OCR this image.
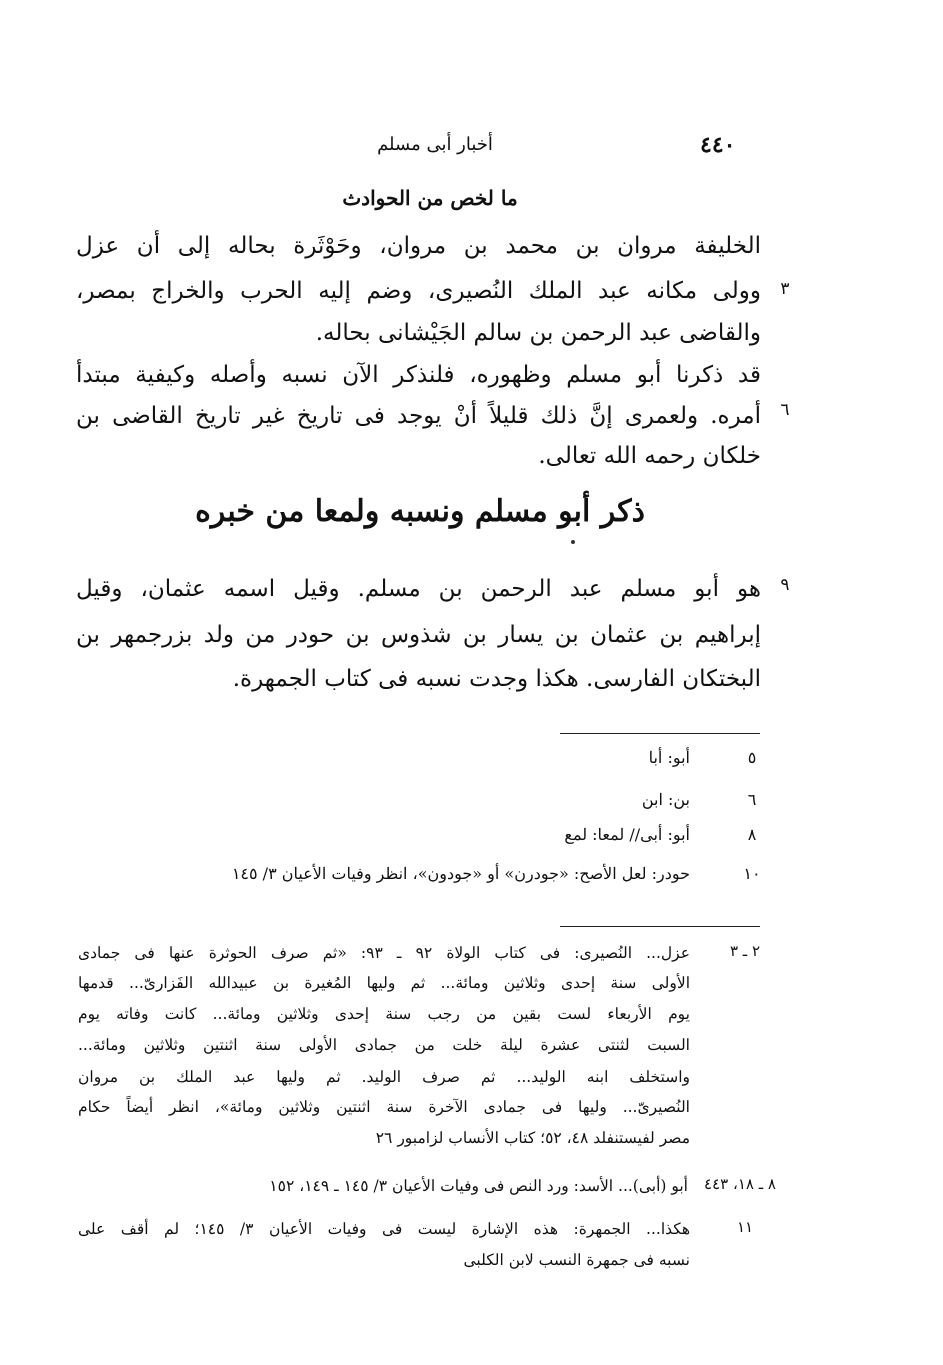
٤٤٠
أخبار أبى مسلم
ما لخص من الحوادث
الخليفة مروان بن محمد بن مروان، وحَوْثَرة بحاله إلى أن عزل
٣
وولى مكانه عبد الملك النُصيرى، وضم إليه الحرب والخراج بمصر،
والقاضى عبد الرحمن بن سالم الجَيْشانى بحاله.
قد ذكرنا أبو مسلم وظهوره، فلنذكر الآن نسبه وأصله وكيفية مبتدأ
٦
أمره. ولعمرى إنَّ ذلك قليلاً أنْ يوجد فى تاريخ غير تاريخ القاضى بن
خلكان رحمه الله تعالى.
ذكر أبو مسلم ونسبه ولمعا من خبره
٩
هو أبو مسلم عبد الرحمن بن مسلم. وقيل اسمه عثمان، وقيل
إبراهيم بن عثمان بن يسار بن شذوس بن حودر من ولد بزرجمهر بن
البختكان الفارسى. هكذا وجدت نسبه فى كتاب الجمهرة.
٥
أبو: أبا
٦
بن: ابن
٨
أبو: أبى// لمعا: لمع
١٠
حودر: لعل الأصح: «جودرن» أو «جودون»، انظر وفيات الأعيان ٣/ ١٤٥
٢ ـ ٣
عزل... النُصيرى: فى كتاب الولاة ٩٢ ـ ٩٣: «ثم صرف الحوثرة عنها فى جمادى
الأولى سنة إحدى وثلاثين ومائة... ثم وليها المُغيرة بن عبيدالله الفَزارىّ... قدمها
يوم الأربعاء لست بقين من رجب سنة إحدى وثلاثين ومائة... كانت وفاته يوم
السبت لثنتى عشرة ليلة خلت من جمادى الأولى سنة اثنتين وثلاثين ومائة...
واستخلف ابنه الوليد... ثم صرف الوليد. ثم وليها عبد الملك بن مروان
النُصيرىّ... وليها فى جمادى الآخرة سنة اثنتين وثلاثين ومائة»، انظر أيضاً حكام
مصر لفيستنفلد ٤٨، ٥٢؛ كتاب الأنساب لزامبور ٢٦
٨ ـ ١٨، ٤٤٣
أبو (أبى)... الأسد: ورد النص فى وفيات الأعيان ٣/ ١٤٥ ـ ١٤٩، ١٥٢
١١
هكذا... الجمهرة: هذه الإشارة ليست فى وفيات الأعيان ٣/ ١٤٥؛ لم أقف على
نسبه فى جمهرة النسب لابن الكلبى
